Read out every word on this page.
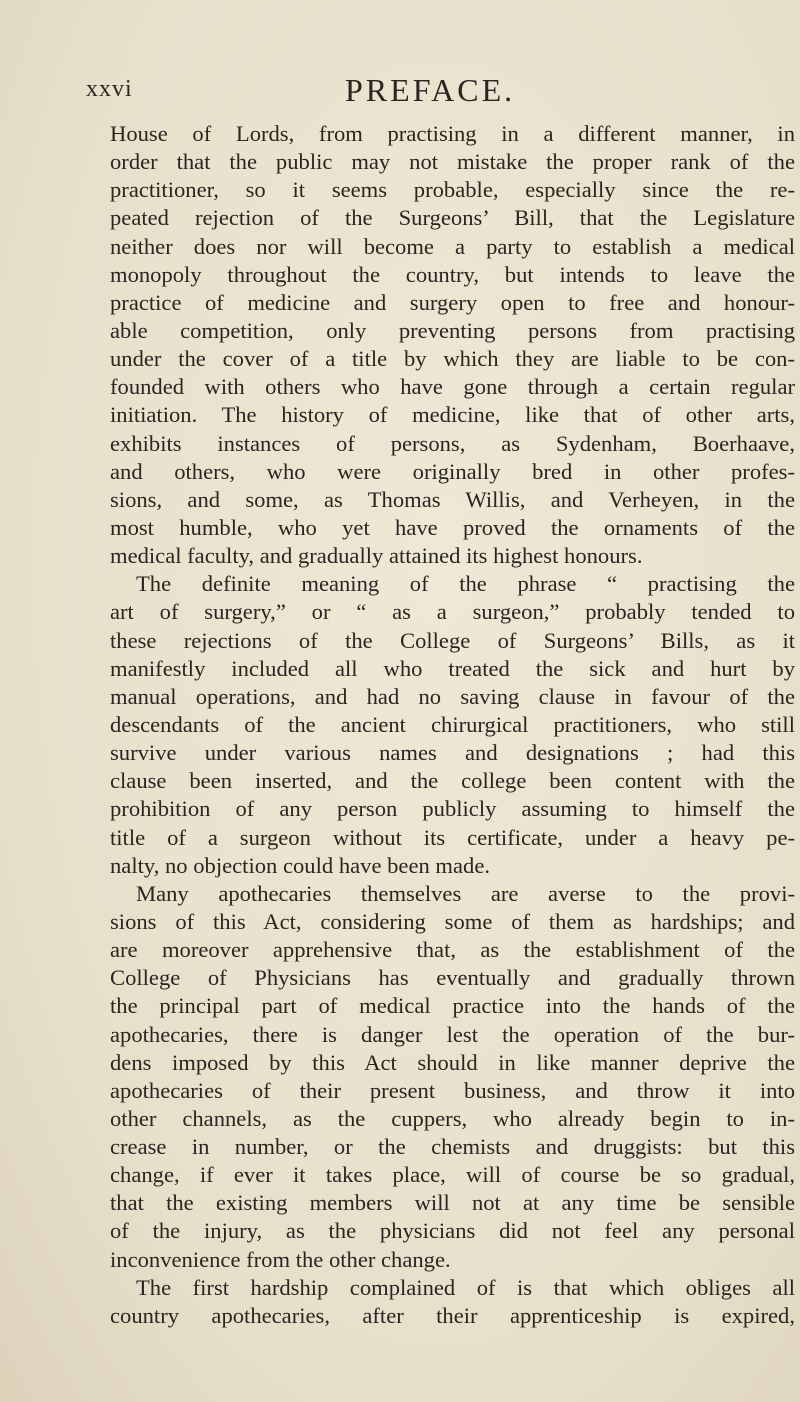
xxvi	PREFACE.
House of Lords, from practising in a different manner, in
order that the public may not mistake the proper rank of the
practitioner, so it seems probable, especially since the re-
peated rejection of the Surgeons’ Bill, that the Legislature
neither does nor will become a party to establish a medical
monopoly throughout the country, but intends to leave the
practice of medicine and surgery open to free and honour-
able competition, only preventing persons from practising
under the cover of a title by which they are liable to be con-
founded with others who have gone through a certain regular
initiation. The history of medicine, like that of other arts,
exhibits instances of persons, as Sydenham, Boerhaave,
and others, who were originally bred in other profes-
sions, and some, as Thomas Willis, and Verheyen, in the
most humble, who yet have proved the ornaments of the
medical faculty, and gradually attained its highest honours.
The definite meaning of the phrase “ practising the
art of surgery,” or “ as a surgeon,” probably tended to
these rejections of the College of Surgeons’ Bills, as it
manifestly included all who treated the sick and hurt by
manual operations, and had no saving clause in favour of the
descendants of the ancient chirurgical practitioners, who still
survive under various names and designations ; had this
clause been inserted, and the college been content with the
prohibition of any person publicly assuming to himself the
title of a surgeon without its certificate, under a heavy pe-
nalty, no objection could have been made.
Many apothecaries themselves are averse to the provi-
sions of this Act, considering some of them as hardships; and
are moreover apprehensive that, as the establishment of the
College of Physicians has eventually and gradually thrown
the principal part of medical practice into the hands of the
apothecaries, there is danger lest the operation of the bur-
dens imposed by this Act should in like manner deprive the
apothecaries of their present business, and throw it into
other channels, as the cuppers, who already begin to in-
crease in number, or the chemists and druggists: but this
change, if ever it takes place, will of course be so gradual,
that the existing members will not at any time be sensible
of the injury, as the physicians did not feel any personal
inconvenience from the other change.
The first hardship complained of is that which obliges all
country apothecaries, after their apprenticeship is expired,
